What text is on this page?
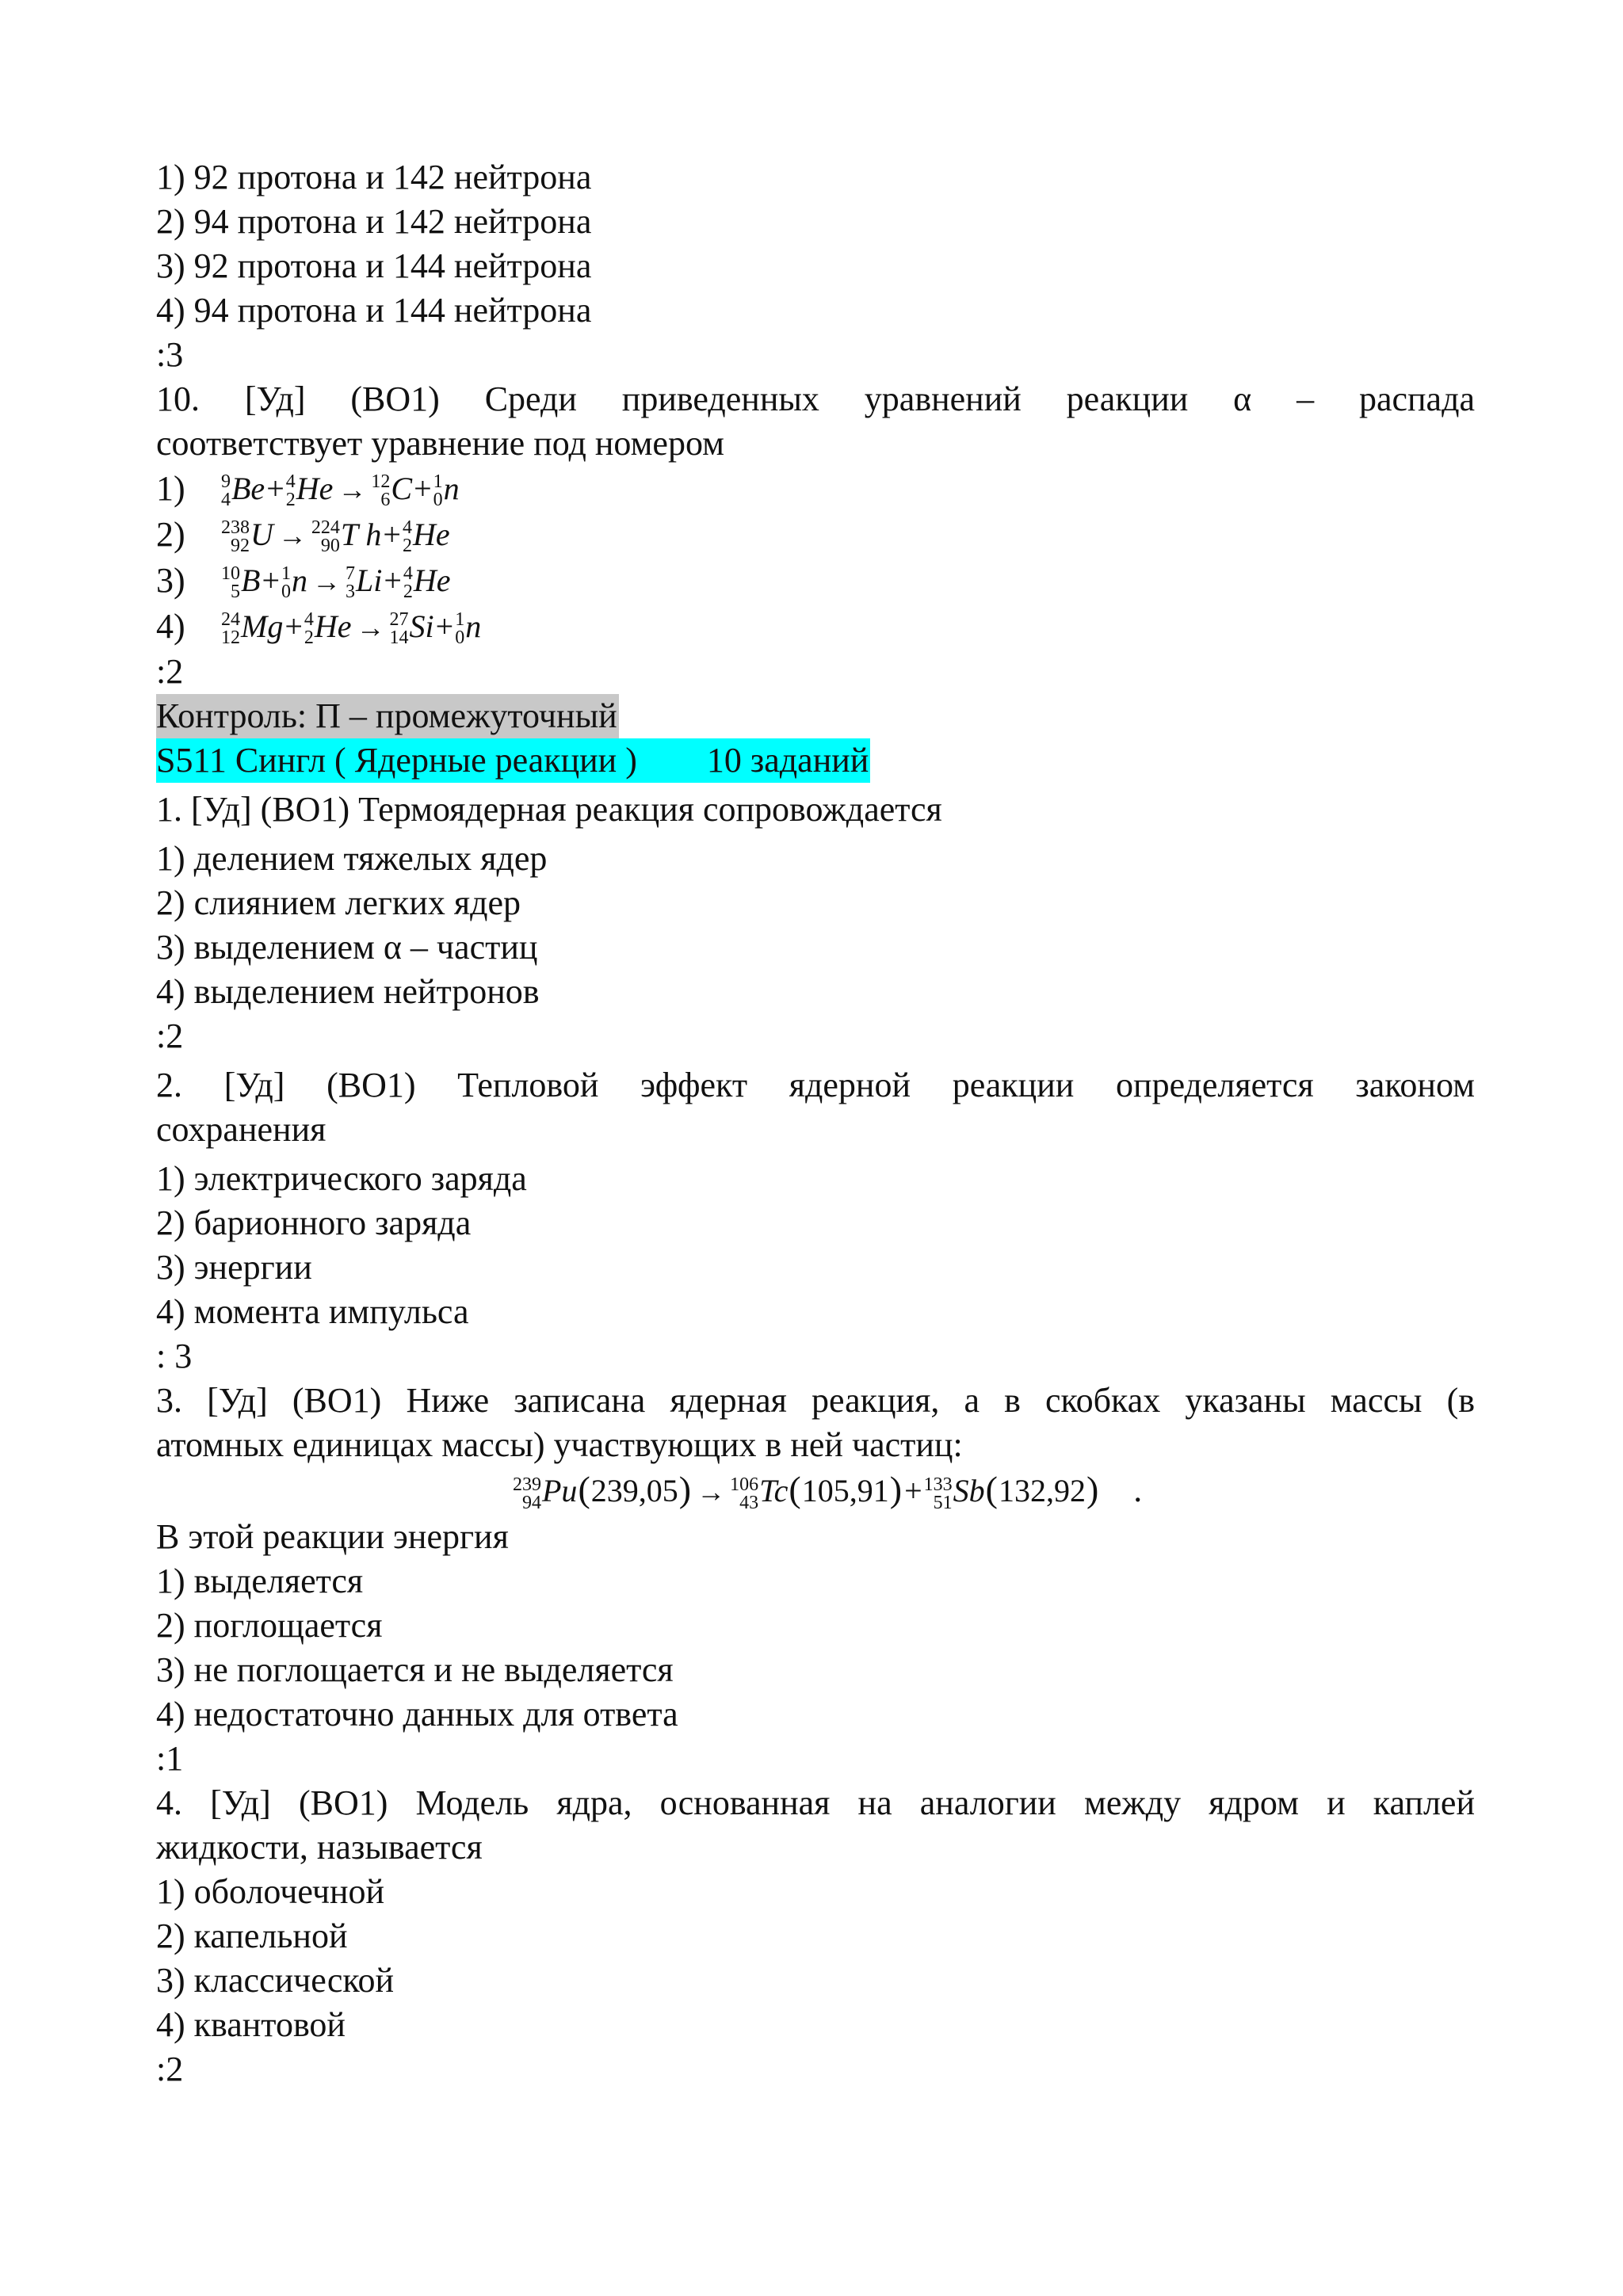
1) 92 протона и 142 нейтрона
2) 94 протона и 142 нейтрона
3) 92 протона и 144 нейтрона
4) 94 протона и 144 нейтрона
:3
10. [Уд] (ВО1) Среди приведенных уравнений реакции α – распада
соответствует уравнение под номером
1)	9
4 Be+ 4
2 He → 12
6 C+ 1
0 n
2)	238
92 U → 224
90 T h+ 4
2 He
3)	10
5 B+ 1
0 n → 7
3 Li+ 4
2 He
4)	24
12 Mg+ 4
2 He → 27
14 Si+ 1
0 n
:2
Контроль: П – промежуточный
S511 Сингл ( Ядерные реакции )        10 заданий
1. [Уд] (ВО1) Термоядерная реакция сопровождается
1) делением тяжелых ядер
2) слиянием легких ядер
3) выделением α – частиц
4) выделением нейтронов
:2
2. [Уд] (ВО1) Тепловой эффект ядерной реакции определяется законом
сохранения
1) электрического заряда
2) барионного заряда
3) энергии
4) момента импульса
: 3
3. [Уд] (ВО1) Ниже записана ядерная реакция, а в скобках указаны массы (в
атомных единицах массы) участвующих в ней частиц:
239
94 Pu(239,05) → 106
43 Tc(105,91)+ 133
51 Sb(132,92)    .
В этой реакции энергия
1) выделяется
2) поглощается
3) не поглощается и не выделяется
4) недостаточно данных для ответа
:1
4. [Уд] (ВО1) Модель ядра, основанная на аналогии между ядром и каплей
жидкости, называется
1) оболочечной
2) капельной
3) классической
4) квантовой
:2
